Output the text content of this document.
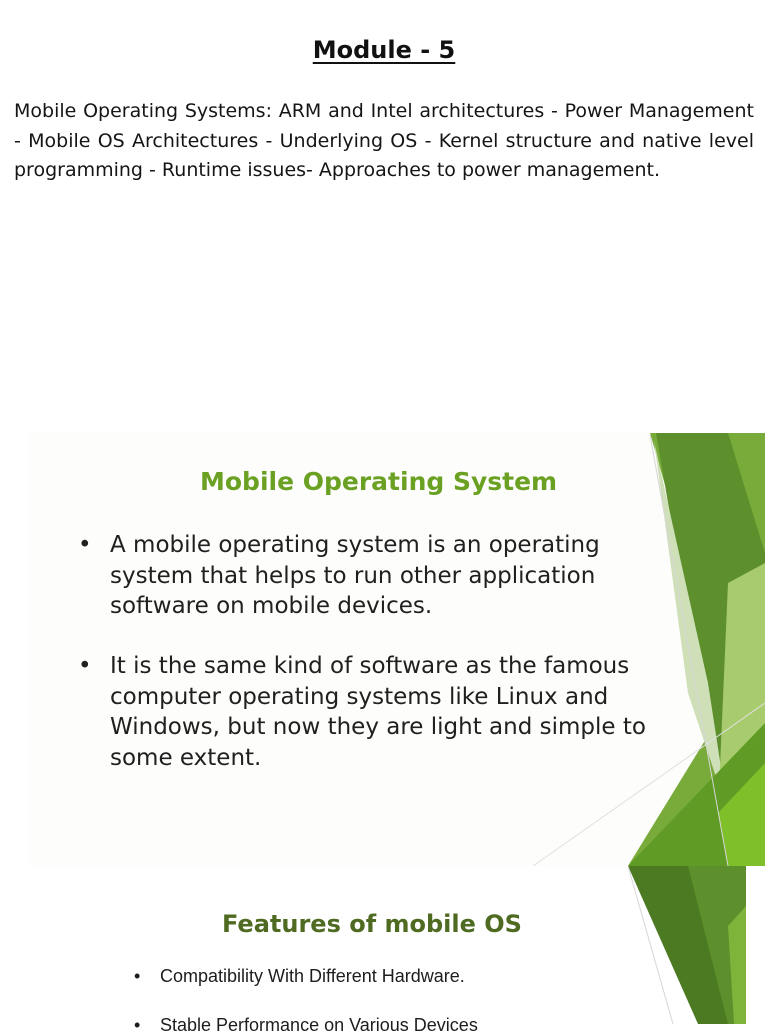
Module - 5
Mobile Operating Systems: ARM and Intel architectures - Power Management - Mobile OS Architectures - Underlying OS - Kernel structure and native level programming - Runtime issues- Approaches to power management.
Mobile Operating System
• A mobile operating system is an operating system that helps to run other application software on mobile devices.
• It is the same kind of software as the famous computer operating systems like Linux and Windows, but now they are light and simple to some extent.
Features of mobile OS
• Compatibility With Different Hardware.
• Stable Performance on Various Devices
